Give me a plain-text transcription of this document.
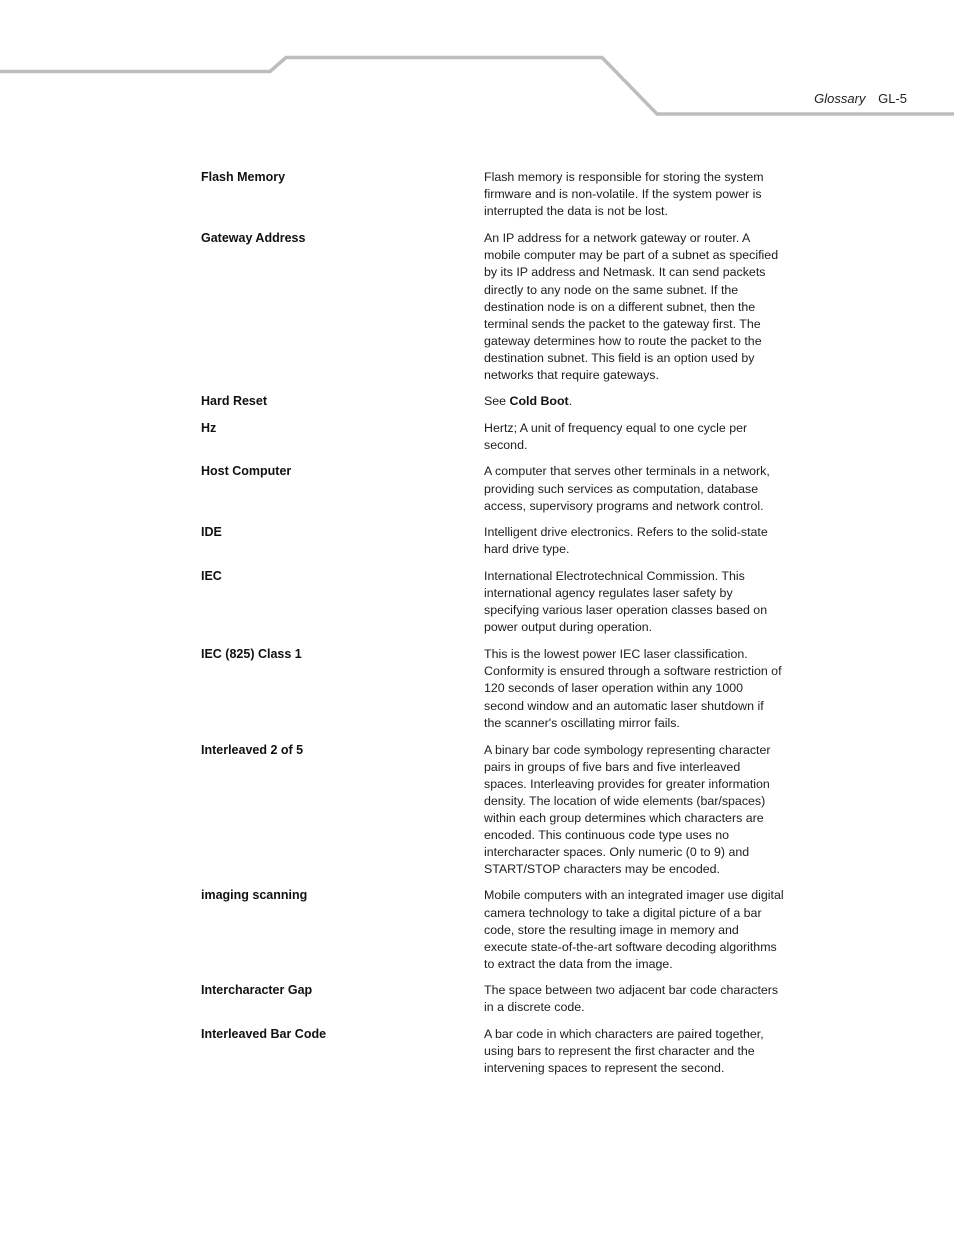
Glossary GL-5
Flash Memory	Flash memory is responsible for storing the system firmware and is non-volatile. If the system power is interrupted the data is not be lost.
Gateway Address	An IP address for a network gateway or router. A mobile computer may be part of a subnet as specified by its IP address and Netmask. It can send packets directly to any node on the same subnet. If the destination node is on a different subnet, then the terminal sends the packet to the gateway first. The gateway determines how to route the packet to the destination subnet. This field is an option used by networks that require gateways.
Hard Reset	See Cold Boot.
Hz	Hertz; A unit of frequency equal to one cycle per second.
Host Computer	A computer that serves other terminals in a network, providing such services as computation, database access, supervisory programs and network control.
IDE	Intelligent drive electronics. Refers to the solid-state hard drive type.
IEC	International Electrotechnical Commission. This international agency regulates laser safety by specifying various laser operation classes based on power output during operation.
IEC (825) Class 1	This is the lowest power IEC laser classification. Conformity is ensured through a software restriction of 120 seconds of laser operation within any 1000 second window and an automatic laser shutdown if the scanner's oscillating mirror fails.
Interleaved 2 of 5	A binary bar code symbology representing character pairs in groups of five bars and five interleaved spaces. Interleaving provides for greater information density. The location of wide elements (bar/spaces) within each group determines which characters are encoded. This continuous code type uses no intercharacter spaces. Only numeric (0 to 9) and START/STOP characters may be encoded.
imaging scanning	Mobile computers with an integrated imager use digital camera technology to take a digital picture of a bar code, store the resulting image in memory and execute state-of-the-art software decoding algorithms to extract the data from the image.
Intercharacter Gap	The space between two adjacent bar code characters in a discrete code.
Interleaved Bar Code	A bar code in which characters are paired together, using bars to represent the first character and the intervening spaces to represent the second.
